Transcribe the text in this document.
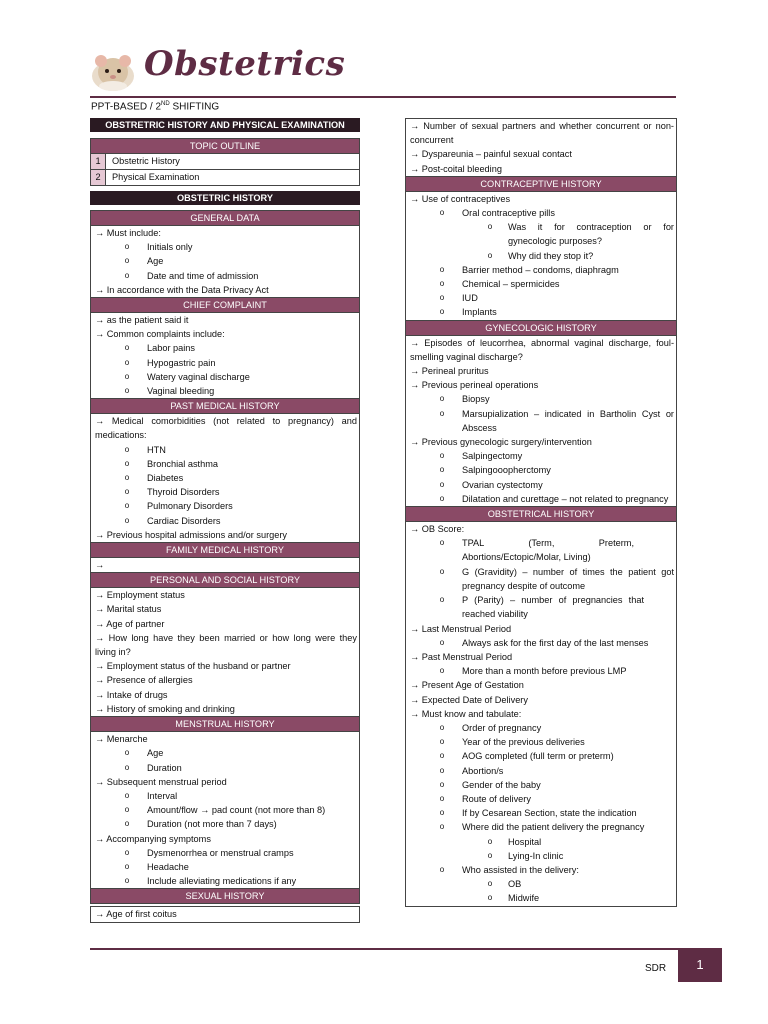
Obstetrics
PPT-BASED / 2ND SHIFTING
OBSTRETRIC HISTORY AND PHYSICAL EXAMINATION
TOPIC OUTLINE
1	Obstetric History
2	Physical Examination
OBSTETRIC HISTORY
GENERAL DATA
→ Must include:
o Initials only
o Age
o Date and time of admission
→ In accordance with the Data Privacy Act
CHIEF COMPLAINT
→ as the patient said it
→ Common complaints include:
o Labor pains
o Hypogastric pain
o Watery vaginal discharge
o Vaginal bleeding
PAST MEDICAL HISTORY
→ Medical comorbidities (not related to pregnancy) and medications:
o HTN
o Bronchial asthma
o Diabetes
o Thyroid Disorders
o Pulmonary Disorders
o Cardiac Disorders
→ Previous hospital admissions and/or surgery
FAMILY MEDICAL HISTORY
→
PERSONAL AND SOCIAL HISTORY
→ Employment status
→ Marital status
→ Age of partner
→ How long have they been married or how long were they living in?
→ Employment status of the husband or partner
→ Presence of allergies
→ Intake of drugs
→ History of smoking and drinking
MENSTRUAL HISTORY
→ Menarche
o Age
o Duration
→ Subsequent menstrual period
o Interval
o Amount/flow → pad count (not more than 8)
o Duration (not more than 7 days)
→ Accompanying symptoms
o Dysmenorrhea or menstrual cramps
o Headache
o Include alleviating medications if any
SEXUAL HISTORY
→ Age of first coitus
→ Number of sexual partners and whether concurrent or non-concurrent
→ Dyspareunia – painful sexual contact
→ Post-coital bleeding
CONTRACEPTIVE HISTORY
→ Use of contraceptives
o Oral contraceptive pills
o Was it for contraception or for gynecologic purposes?
o Why did they stop it?
o Barrier method – condoms, diaphragm
o Chemical – spermicides
o IUD
o Implants
GYNECOLOGIC HISTORY
→ Episodes of leucorrhea, abnormal vaginal discharge, foul-smelling vaginal discharge?
→ Perineal pruritus
→ Previous perineal operations
o Biopsy
o Marsupialization – indicated in Bartholin Cyst or Abscess
→ Previous gynecologic surgery/intervention
o Salpingectomy
o Salpingooopherctomy
o Ovarian cystectomy
o Dilatation and curettage – not related to pregnancy
OBSTETRICAL HISTORY
→ OB Score:
o TPAL (Term, Preterm, Abortions/Ectopic/Molar, Living)
o G (Gravidity) – number of times the patient got pregnancy despite of outcome
o P (Parity) – number of pregnancies that reached viability
→ Last Menstrual Period
o Always ask for the first day of the last menses
→ Past Menstrual Period
o More than a month before previous LMP
→ Present Age of Gestation
→ Expected Date of Delivery
→ Must know and tabulate:
o Order of pregnancy
o Year of the previous deliveries
o AOG completed (full term or preterm)
o Abortion/s
o Gender of the baby
o Route of delivery
o If by Cesarean Section, state the indication
o Where did the patient delivery the pregnancy
o Hospital
o Lying-In clinic
o Who assisted in the delivery:
o OB
o Midwife
SDR	1
